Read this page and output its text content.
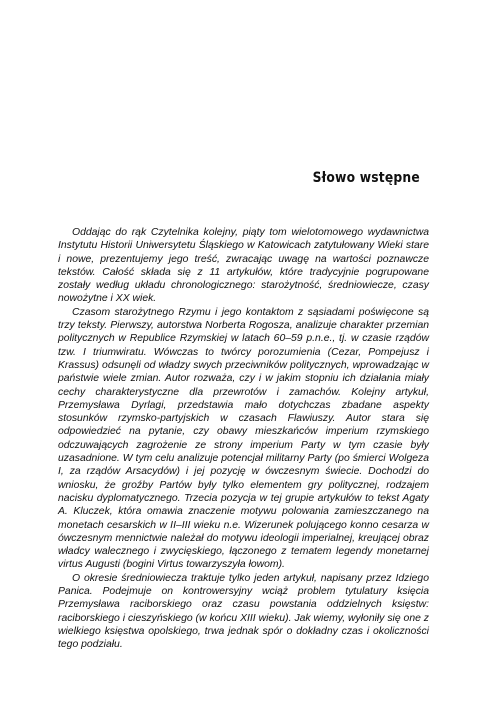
Słowo wstępne

Oddając do rąk Czytelnika kolejny, piąty tom wielotomowego wydawnictwa Instytutu Historii Uniwersytetu Śląskiego w Katowicach zatytułowany Wieki stare i nowe, prezentujemy jego treść, zwracając uwagę na wartości poznawcze tekstów. Całość składa się z 11 artykułów, które tradycyjnie pogrupowane zostały według układu chronologicznego: starożytność, średniowiecze, czasy nowożytne i XX wiek.

Czasom starożytnego Rzymu i jego kontaktom z sąsiadami poświęcone są trzy teksty. Pierwszy, autorstwa Norberta Rogosza, analizuje charakter przemian politycznych w Republice Rzymskiej w latach 60–59 p.n.e., tj. w czasie rządów tzw. I triumwiratu. Wówczas to twórcy porozumienia (Cezar, Pompejusz i Krassus) odsunęli od władzy swych przeciwników politycznych, wprowadzając w państwie wiele zmian. Autor rozważa, czy i w jakim stopniu ich działania miały cechy charakterystyczne dla przewrotów i zamachów. Kolejny artykuł, Przemysława Dyrlagi, przedstawia mało dotychczas zbadane aspekty stosunków rzymsko-partyjskich w czasach Flawiuszy. Autor stara się odpowiedzieć na pytanie, czy obawy mieszkańców imperium rzymskiego odczuwających zagrożenie ze strony imperium Party w tym czasie były uzasadnione. W tym celu analizuje potencjał militarny Party (po śmierci Wolgeza I, za rządów Arsacydów) i jej pozycję w ówczesnym świecie. Dochodzi do wniosku, że groźby Partów były tylko elementem gry politycznej, rodzajem nacisku dyplomatycznego. Trzecia pozycja w tej grupie artykułów to tekst Agaty A. Kluczek, która omawia znaczenie motywu polowania zamieszczanego na monetach cesarskich w II–III wieku n.e. Wizerunek polującego konno cesarza w ówczesnym mennictwie należał do motywu ideologii imperialnej, kreującej obraz władcy walecznego i zwycięskiego, łączonego z tematem legendy monetarnej virtus Augusti (bogini Virtus towarzyszyła łowom).

O okresie średniowiecza traktuje tylko jeden artykuł, napisany przez Idziego Panica. Podejmuje on kontrowersyjny wciąż problem tytulatury księcia Przemysława raciborskiego oraz czasu powstania oddzielnych księstw: raciborskiego i cieszyńskiego (w końcu XIII wieku). Jak wiemy, wyłoniły się one z wielkiego księstwa opolskiego, trwa jednak spór o dokładny czas i okoliczności tego podziału.
